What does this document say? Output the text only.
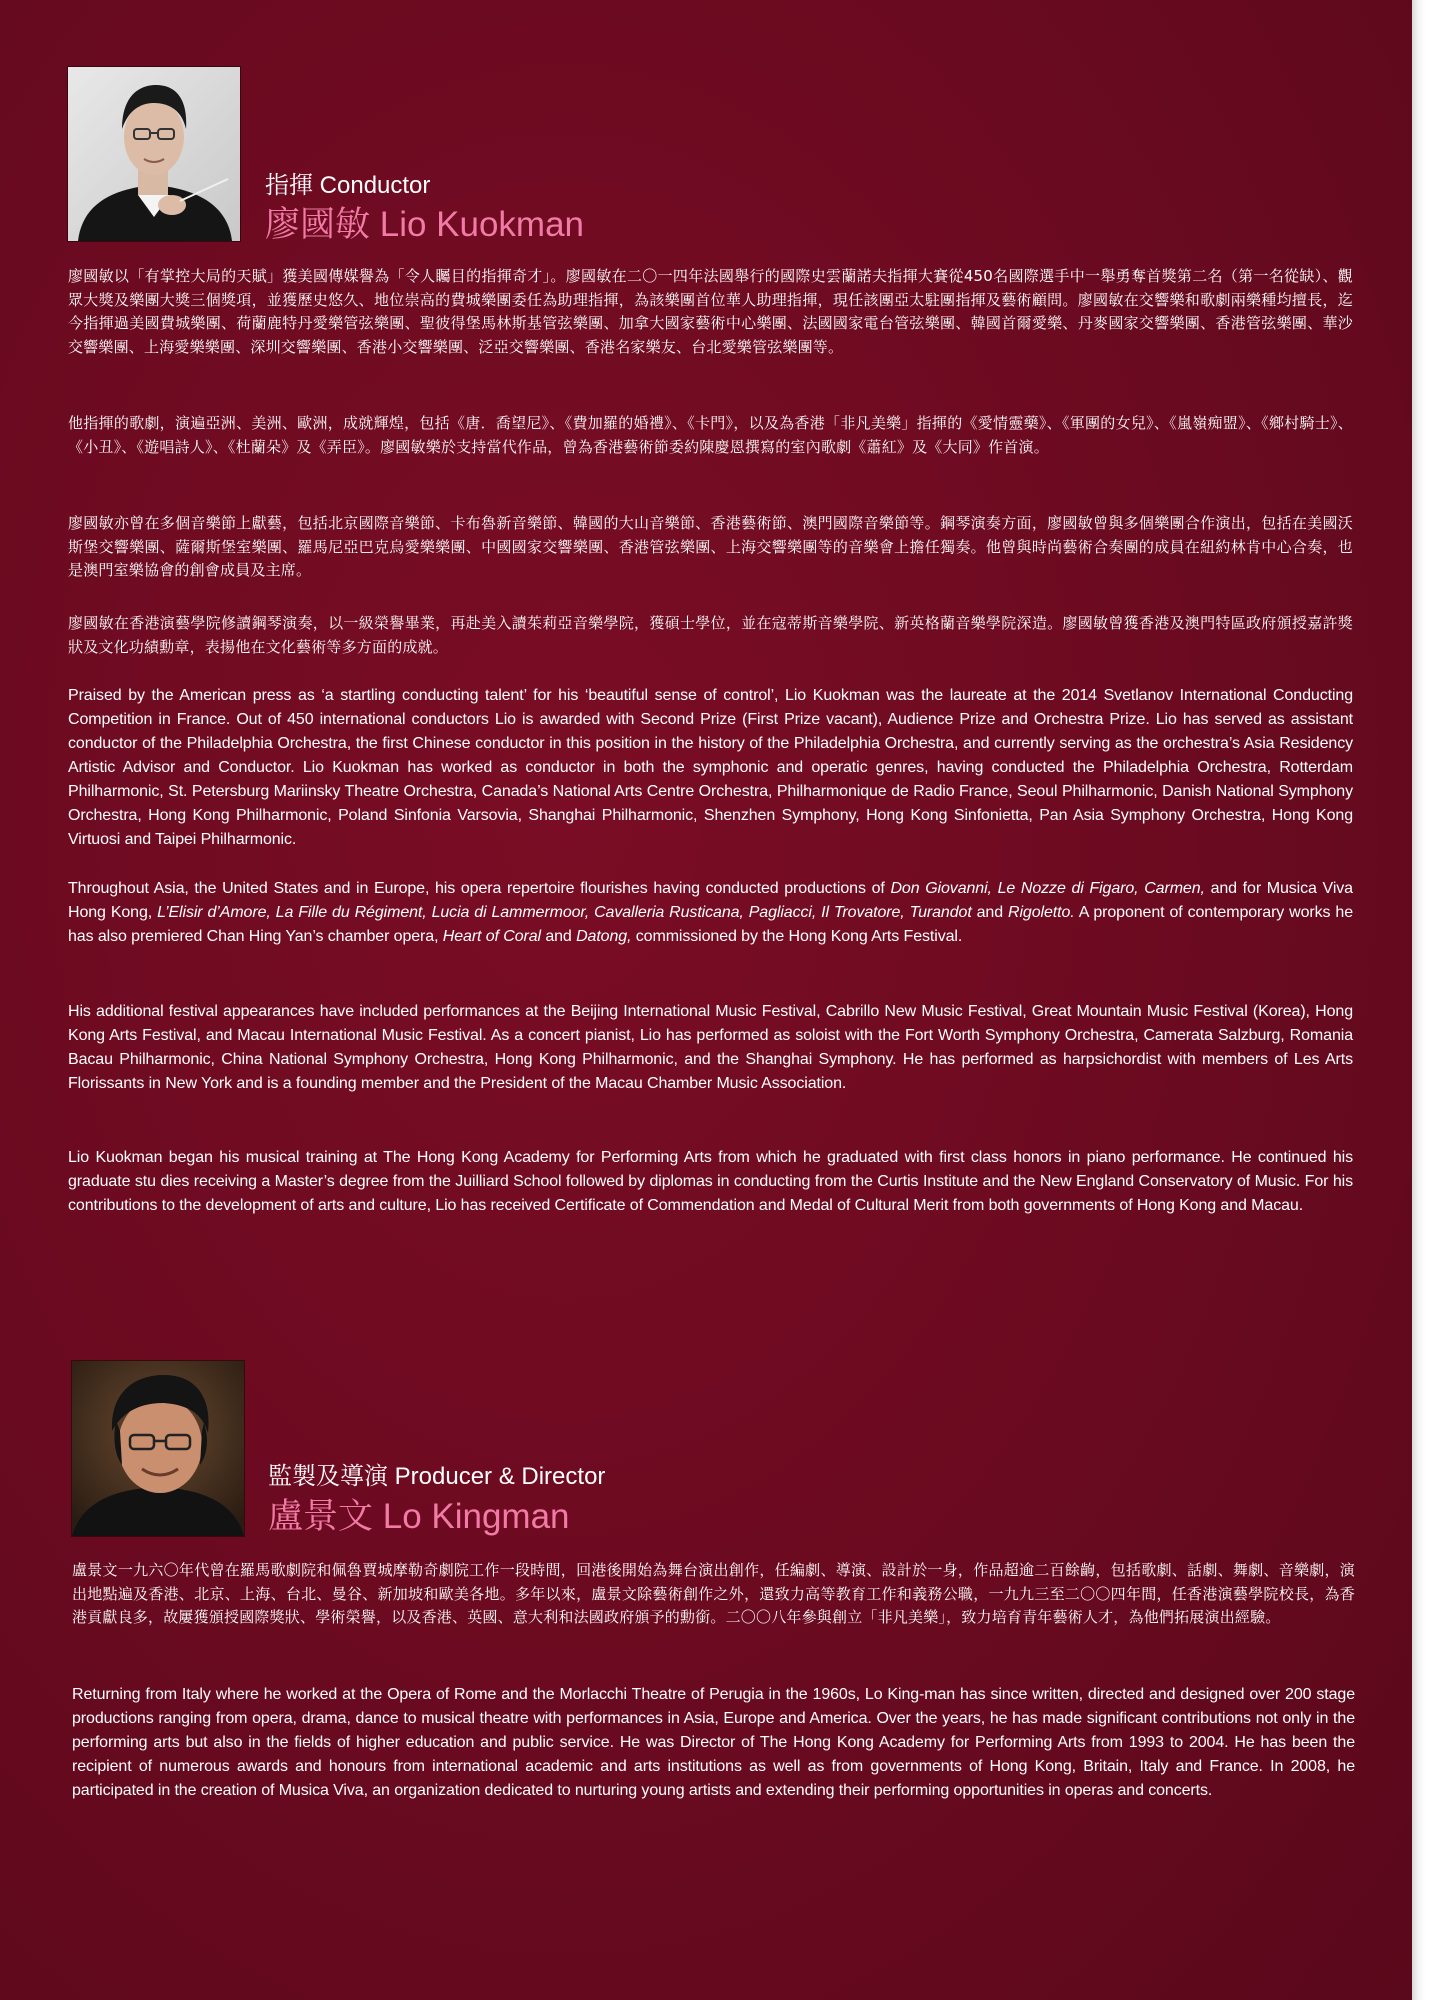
指揮 Conductor
廖國敏 Lio Kuokman

廖國敏以「有掌控大局的天賦」獲美國傳媒譽為「令人矚目的指揮奇才」。廖國敏在二〇一四年法國舉行的國際史雲蘭諾夫指揮大賽從450名國際選手中一舉勇奪首獎第二名（第一名從缺）、觀眾大獎及樂團大獎三個獎項，並獲歷史悠久、地位崇高的費城樂團委任為助理指揮，為該樂團首位華人助理指揮，現任該團亞太駐團指揮及藝術顧問。廖國敏在交響樂和歌劇兩樂種均擅長，迄今指揮過美國費城樂團、荷蘭鹿特丹愛樂管弦樂團、聖彼得堡馬林斯基管弦樂團、加拿大國家藝術中心樂團、法國國家電台管弦樂團、韓國首爾愛樂、丹麥國家交響樂團、香港管弦樂團、華沙交響樂團、上海愛樂樂團、深圳交響樂團、香港小交響樂團、泛亞交響樂團、香港名家樂友、台北愛樂管弦樂團等。

他指揮的歌劇，演遍亞洲、美洲、歐洲，成就輝煌，包括《唐．喬望尼》、《費加羅的婚禮》、《卡門》，以及為香港「非凡美樂」指揮的《愛情靈藥》、《軍團的女兒》、《嵐嶺痴盟》、《鄉村騎士》、《小丑》、《遊唱詩人》、《杜蘭朵》及《弄臣》。廖國敏樂於支持當代作品，曾為香港藝術節委約陳慶恩撰寫的室內歌劇《蕭紅》及《大同》作首演。

廖國敏亦曾在多個音樂節上獻藝，包括北京國際音樂節、卡布魯新音樂節、韓國的大山音樂節、香港藝術節、澳門國際音樂節等。鋼琴演奏方面，廖國敏曾與多個樂團合作演出，包括在美國沃斯堡交響樂團、薩爾斯堡室樂團、羅馬尼亞巴克烏愛樂樂團、中國國家交響樂團、香港管弦樂團、上海交響樂團等的音樂會上擔任獨奏。他曾與時尚藝術合奏團的成員在紐約林肯中心合奏，也是澳門室樂協會的創會成員及主席。

廖國敏在香港演藝學院修讀鋼琴演奏，以一級榮譽畢業，再赴美入讀茱莉亞音樂學院，獲碩士學位，並在寇蒂斯音樂學院、新英格蘭音樂學院深造。廖國敏曾獲香港及澳門特區政府頒授嘉許獎狀及文化功績勳章，表揚他在文化藝術等多方面的成就。

Praised by the American press as ‘a startling conducting talent’ for his ‘beautiful sense of control’, Lio Kuokman was the laureate at the 2014 Svetlanov International Conducting Competition in France. Out of 450 international conductors Lio is awarded with Second Prize (First Prize vacant), Audience Prize and Orchestra Prize. Lio has served as assistant conductor of the Philadelphia Orchestra, the first Chinese conductor in this position in the history of the Philadelphia Orchestra, and currently serving as the orchestra’s Asia Residency Artistic Advisor and Conductor. Lio Kuokman has worked as conductor in both the symphonic and operatic genres, having conducted the Philadelphia Orchestra, Rotterdam Philharmonic, St. Petersburg Mariinsky Theatre Orchestra, Canada’s National Arts Centre Orchestra, Philharmonique de Radio France, Seoul Philharmonic, Danish National Symphony Orchestra, Hong Kong Philharmonic, Poland Sinfonia Varsovia, Shanghai Philharmonic, Shenzhen Symphony, Hong Kong Sinfonietta, Pan Asia Symphony Orchestra, Hong Kong Virtuosi and Taipei Philharmonic.

Throughout Asia, the United States and in Europe, his opera repertoire flourishes having conducted productions of Don Giovanni, Le Nozze di Figaro, Carmen, and for Musica Viva Hong Kong, L’Elisir d’Amore, La Fille du Régiment, Lucia di Lammermoor, Cavalleria Rusticana, Pagliacci, Il Trovatore, Turandot and Rigoletto. A proponent of contemporary works he has also premiered Chan Hing Yan’s chamber opera, Heart of Coral and Datong, commissioned by the Hong Kong Arts Festival.

His additional festival appearances have included performances at the Beijing International Music Festival, Cabrillo New Music Festival, Great Mountain Music Festival (Korea), Hong Kong Arts Festival, and Macau International Music Festival. As a concert pianist, Lio has performed as soloist with the Fort Worth Symphony Orchestra, Camerata Salzburg, Romania Bacau Philharmonic, China National Symphony Orchestra, Hong Kong Philharmonic, and the Shanghai Symphony. He has performed as harpsichordist with members of Les Arts Florissants in New York and is a founding member and the President of the Macau Chamber Music Association.

Lio Kuokman began his musical training at The Hong Kong Academy for Performing Arts from which he graduated with first class honors in piano performance. He continued his graduate stu dies receiving a Master’s degree from the Juilliard School followed by diplomas in conducting from the Curtis Institute and the New England Conservatory of Music. For his contributions to the development of arts and culture, Lio has received Certificate of Commendation and Medal of Cultural Merit from both governments of Hong Kong and Macau.

監製及導演 Producer & Director
盧景文 Lo Kingman

盧景文一九六〇年代曾在羅馬歌劇院和佩魯賈城摩勒奇劇院工作一段時間，回港後開始為舞台演出創作，任編劇、導演、設計於一身，作品超逾二百餘齣，包括歌劇、話劇、舞劇、音樂劇，演出地點遍及香港、北京、上海、台北、曼谷、新加坡和歐美各地。多年以來，盧景文除藝術創作之外，還致力高等教育工作和義務公職，一九九三至二〇〇四年間，任香港演藝學院校長，為香港貢獻良多，故屢獲頒授國際獎狀、學術榮譽，以及香港、英國、意大利和法國政府頒予的勳銜。二〇〇八年參與創立「非凡美樂」，致力培育青年藝術人才，為他們拓展演出經驗。

Returning from Italy where he worked at the Opera of Rome and the Morlacchi Theatre of Perugia in the 1960s, Lo King-man has since written, directed and designed over 200 stage productions ranging from opera, drama, dance to musical theatre with performances in Asia, Europe and America. Over the years, he has made significant contributions not only in the performing arts but also in the fields of higher education and public service. He was Director of The Hong Kong Academy for Performing Arts from 1993 to 2004. He has been the recipient of numerous awards and honours from international academic and arts institutions as well as from governments of Hong Kong, Britain, Italy and France. In 2008, he participated in the creation of Musica Viva, an organization dedicated to nurturing young artists and extending their performing opportunities in operas and concerts.
